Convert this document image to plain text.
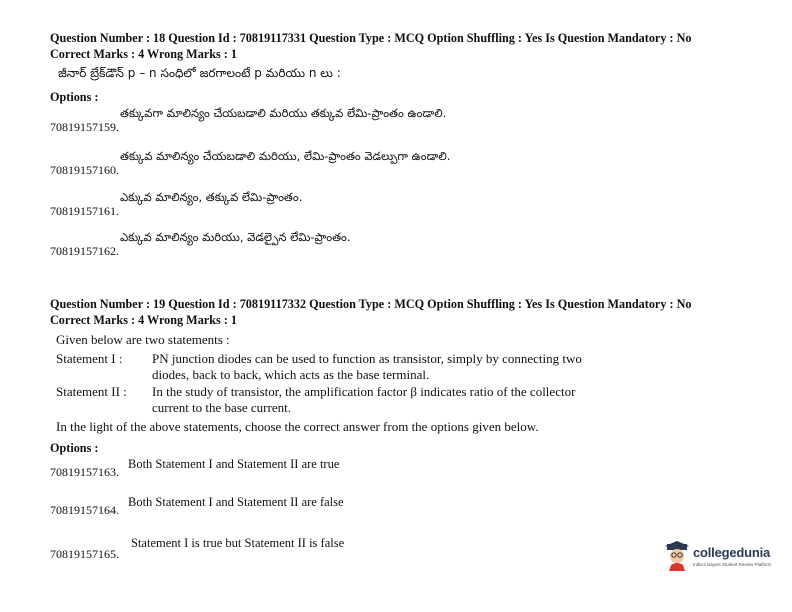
Question Number : 18 Question Id : 70819117331 Question Type : MCQ Option Shuffling : Yes Is Question Mandatory : No
Correct Marks : 4 Wrong Marks : 1
జీనార్ బ్రేక్‌డౌన్ p – n సంధిలో జరగాలంటే p మరియు n లు :
Options :
70819157159.
తక్కువగా మాలిన్యం చేయబడాలి మరియు తక్కువ లేమి-ప్రాంతం ఉండాలి.
70819157160.
తక్కువ మాలిన్యం చేయబడాలి మరియు, లేమి-ప్రాంతం వెడల్పుగా ఉండాలి.
70819157161.
ఎక్కువ మాలిన్యం, తక్కువ లేమి-ప్రాంతం.
70819157162.
ఎక్కువ మాలిన్యం మరియు, వెడల్పైన లేమి-ప్రాంతం.
Question Number : 19 Question Id : 70819117332 Question Type : MCQ Option Shuffling : Yes Is Question Mandatory : No
Correct Marks : 4 Wrong Marks : 1
Given below are two statements :
Statement I : PN junction diodes can be used to function as transistor, simply by connecting two diodes, back to back, which acts as the base terminal.
Statement II : In the study of transistor, the amplification factor β indicates ratio of the collector current to the base current.
In the light of the above statements, choose the correct answer from the options given below.
Options :
70819157163.
Both Statement I and Statement II are true
70819157164.
Both Statement I and Statement II are false
70819157165.
Statement I is true but Statement II is false
collegedunia
India's largest Student Review Platform
